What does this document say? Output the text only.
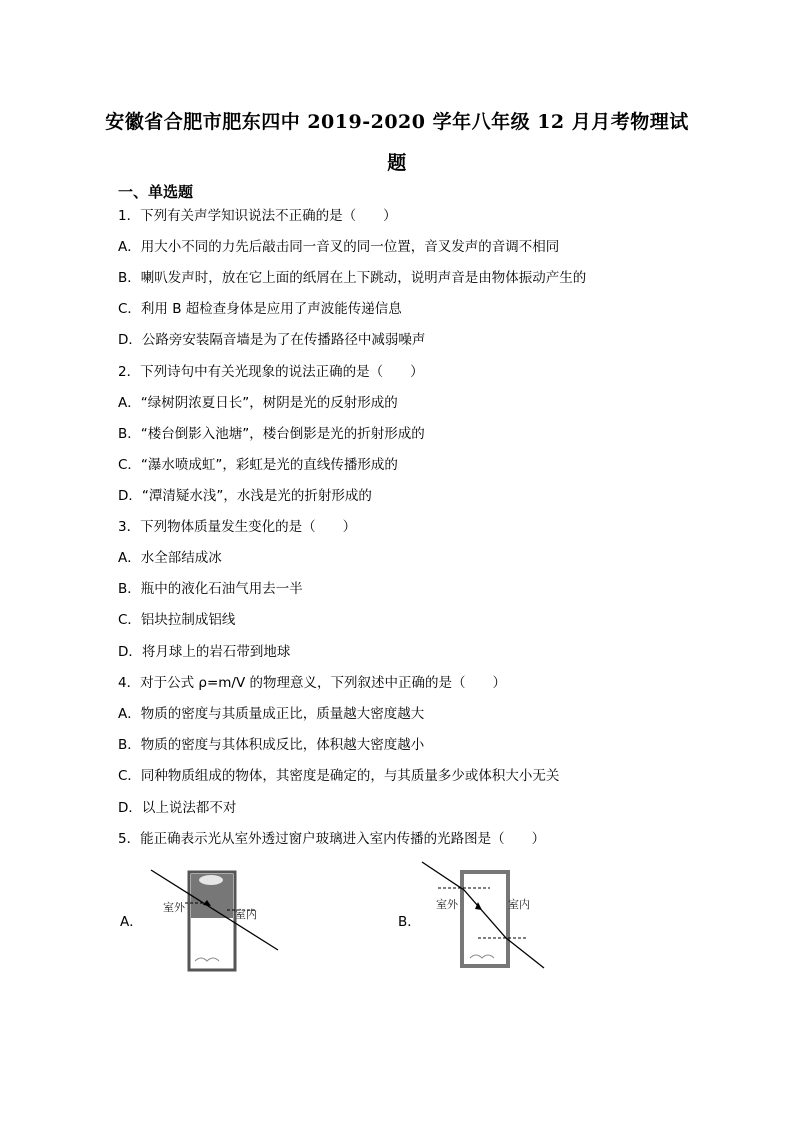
安徽省合肥市肥东四中 2019-2020 学年八年级 12 月月考物理试
题
一、单选题
1．下列有关声学知识说法不正确的是（　　）
A．用大小不同的力先后敲击同一音叉的同一位置，音叉发声的音调不相同
B．喇叭发声时，放在它上面的纸屑在上下跳动，说明声音是由物体振动产生的
C．利用 B 超检查身体是应用了声波能传递信息
D．公路旁安装隔音墙是为了在传播路径中减弱噪声
2．下列诗句中有关光现象的说法正确的是（　　）
A．“绿树阴浓夏日长”，树阴是光的反射形成的
B．“楼台倒影入池塘”，楼台倒影是光的折射形成的
C．“瀑水喷成虹”，彩虹是光的直线传播形成的
D．“潭清疑水浅”，水浅是光的折射形成的
3．下列物体质量发生变化的是（　　）
A．水全部结成冰
B．瓶中的液化石油气用去一半
C．铝块拉制成铝线
D．将月球上的岩石带到地球
4．对于公式 ρ=m/V 的物理意义，下列叙述中正确的是（　　）
A．物质的密度与其质量成正比，质量越大密度越大
B．物质的密度与其体积成反比，体积越大密度越小
C．同种物质组成的物体，其密度是确定的，与其质量多少或体积大小无关
D．以上说法都不对
5．能正确表示光从室外透过窗户玻璃进入室内传播的光路图是（　　）
A．
室外
室内	B．
室外	室内
